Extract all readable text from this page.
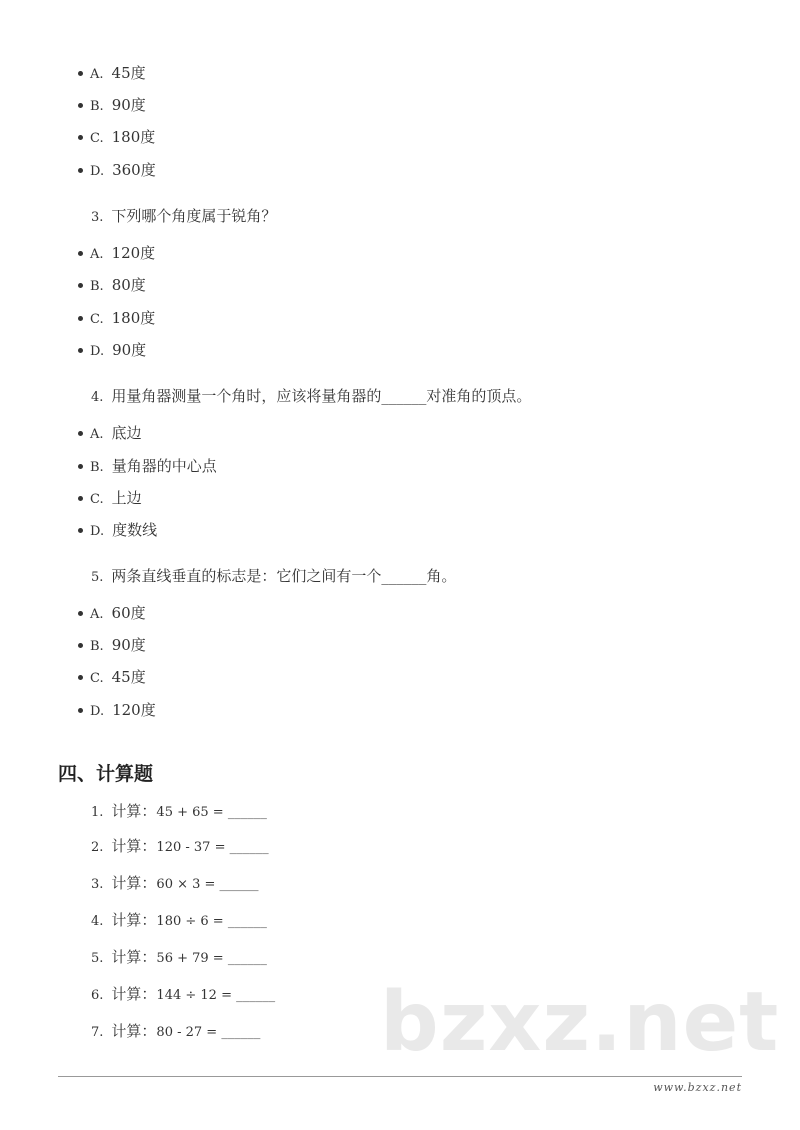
A. 45度
B. 90度
C. 180度
D. 360度
3. 下列哪个角度属于锐角？
A. 120度
B. 80度
C. 180度
D. 90度
4. 用量角器测量一个角时，应该将量角器的______对准角的顶点。
A. 底边
B. 量角器的中心点
C. 上边
D. 度数线
5. 两条直线垂直的标志是：它们之间有一个______角。
A. 60度
B. 90度
C. 45度
D. 120度
四、计算题
1. 计算：45 + 65 = ______
2. 计算：120 - 37 = ______
3. 计算：60 × 3 = ______
4. 计算：180 ÷ 6 = ______
5. 计算：56 + 79 = ______
6. 计算：144 ÷ 12 = ______
7. 计算：80 - 27 = ______ bzxz.net
www.bzxz.net
